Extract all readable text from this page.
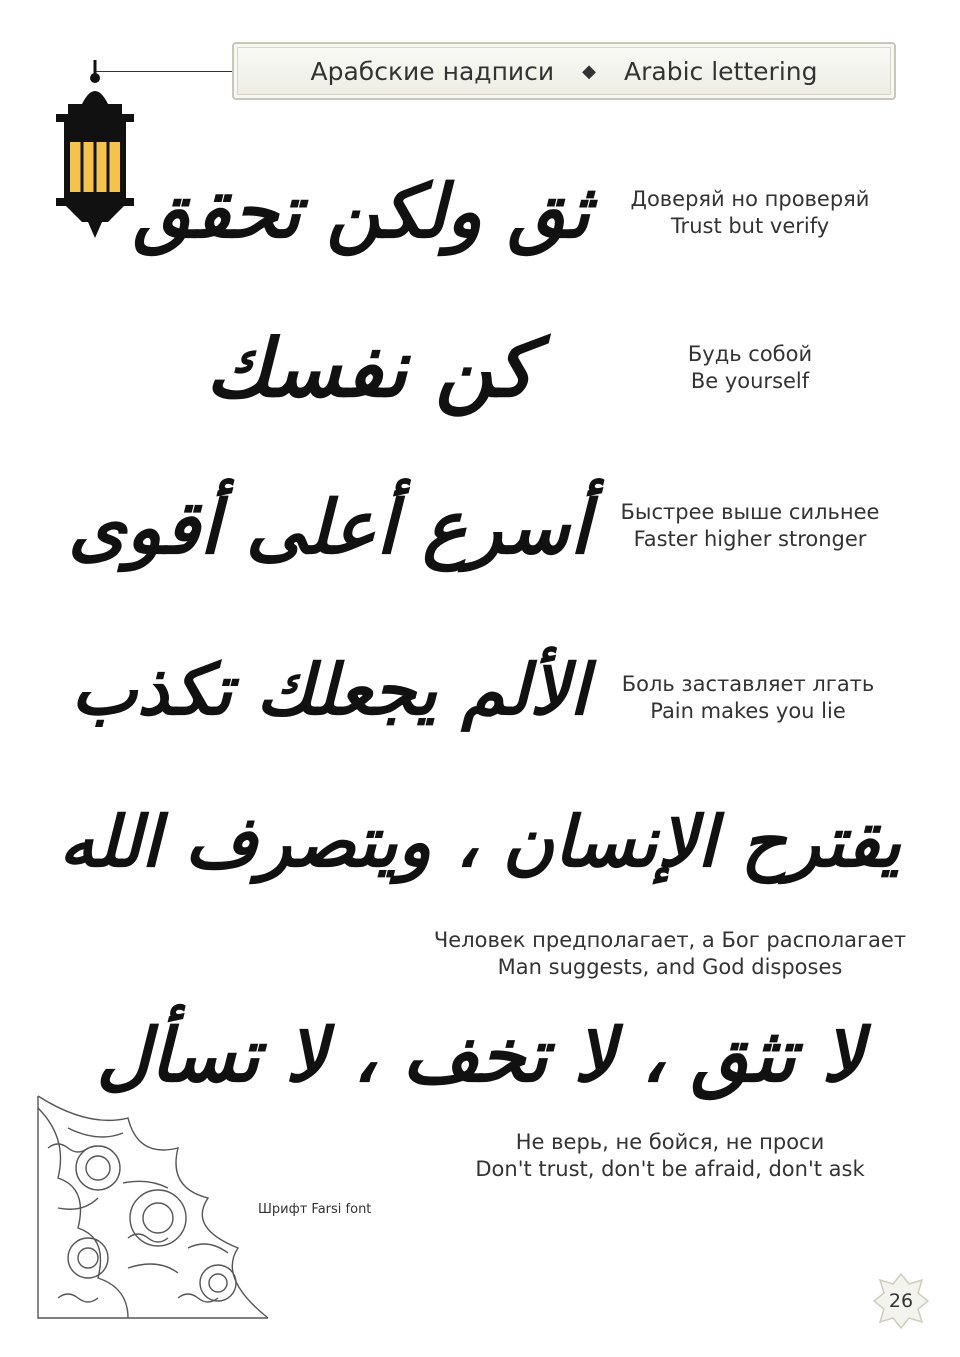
Арабские надписи ◆ Arabic lettering
ثق ولكن تحقق	Доверяй но проверяй
Trust but verify
كن نفسك	Будь собой
Be yourself
أسرع أعلى أقوى	Быстрее выше сильнее
Faster higher stronger
الألم يجعلك تكذب	Боль заставляет лгать
Pain makes you lie
يقترح الإنسان ، ويتصرف الله
Человек предполагает, а Бог располагает
Man suggests, and God disposes
لا تثق ، لا تخف ، لا تسأل
Не верь, не бойся, не проси
Don't trust, don't be afraid, don't ask
Шрифт Farsi font
26
